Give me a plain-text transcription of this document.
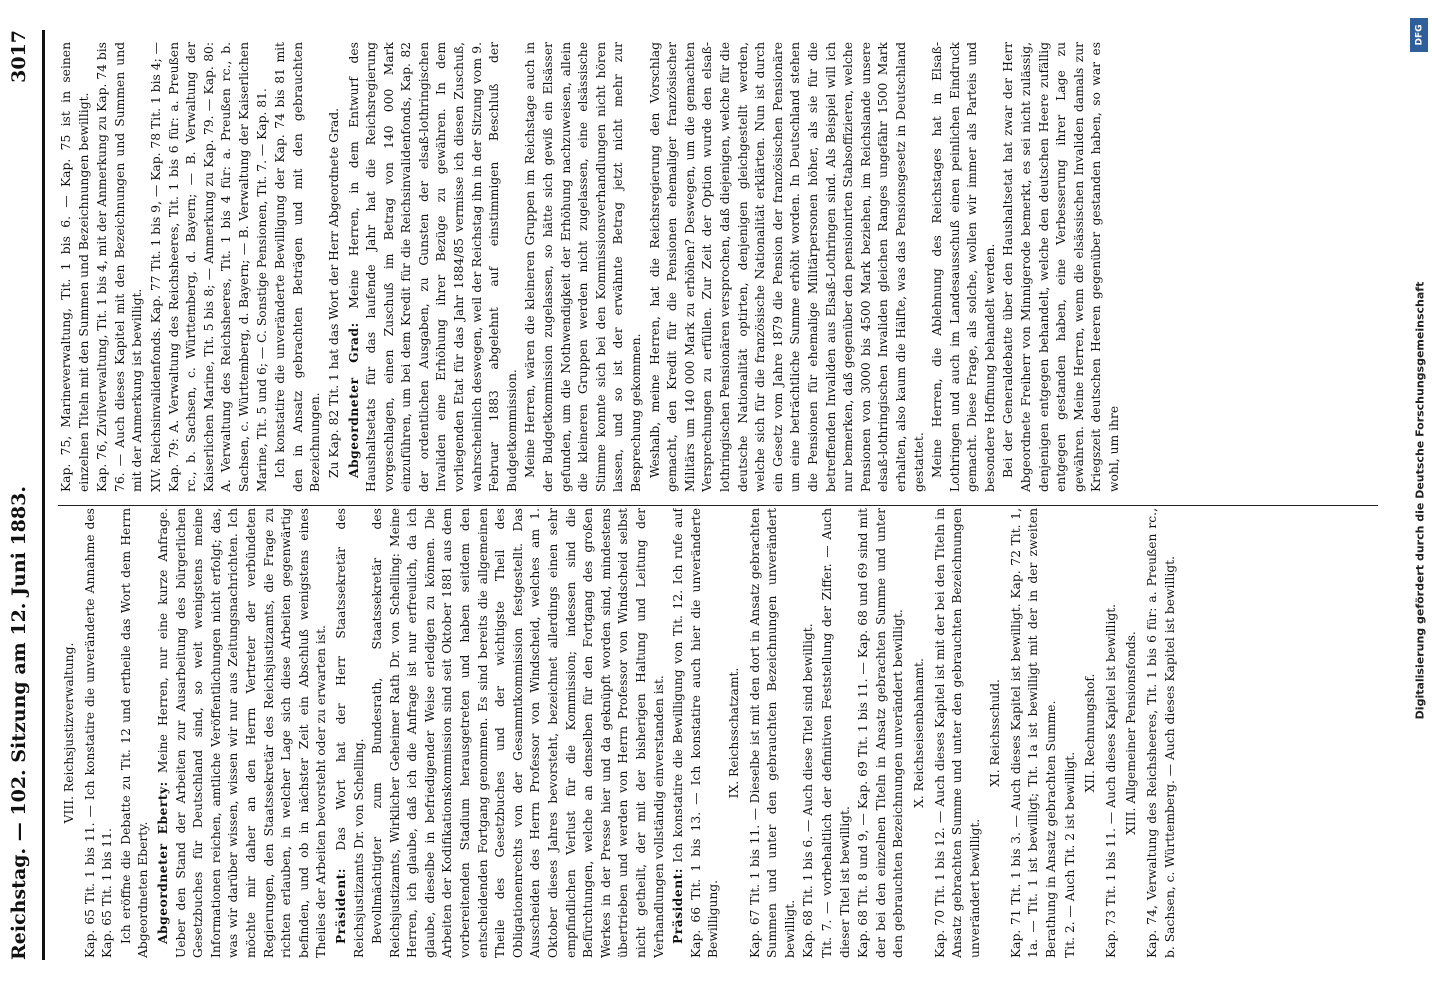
Reichstag. — 102. Sitzung am 12. Juni 1883.
3017

VIII. Reichsjustizverwaltung. Kap. 65 Tit. 1 bis 11. — Ich konstatire die unveränderte Annahme des Kap. 65 Tit. 1 bis 11. Ich eröffne die Debatte zu Tit. 12 und ertheile das Wort dem Herrn Abgeordneten Eberty. Abgeordneter Eberty: Meine Herren, nur eine kurze Anfrage. Ueber den Stand der Arbeiten zur Ausarbeitung des bürgerlichen Gesetzbuches für Deutschland sind, so weit wenigstens meine Informationen reichen, amtliche Veröffentlichungen nicht erfolgt; das, was wir darüber wissen, wissen wir nur aus Zeitungsnachrichten. Ich möchte mir daher an den Herrn Vertreter der verbündeten Regierungen, den Staatssekretär des Reichsjustizamts, die Frage zu richten erlauben, in welcher Lage sich diese Arbeiten gegenwärtig befinden, und ob in nächster Zeit ein Abschluß wenigstens eines Theiles der Arbeiten bevorsteht oder zu erwarten ist. Präsident: Das Wort hat der Herr Staatssekretär des Reichsjustizamts Dr. von Schelling. Bevollmächtigter zum Bundesrath, Staatssekretär des Reichsjustizamts, Wirklicher Geheimer Rath Dr. von Schelling: Meine Herren, ich glaube, daß ich die Anfrage ist nur erfreulich, da ich glaube, dieselbe in befriedigender Weise erledigen zu können. Die Arbeiten der Kodifikationskommission sind seit Oktober 1881 aus dem vorbereitenden Stadium herausgetreten und haben seitdem den entscheidenden Fortgang genommen. Es sind bereits die allgemeinen Theile des Gesetzbuches und der wichtigste Theil des Obligationenrechts von der Gesammtkommission festgestellt. Das Ausscheiden des Herrn Professor von Windscheid, welches am 1. Oktober dieses Jahres bevorsteht, bezeichnet allerdings einen sehr empfindlichen Verlust für die Kommission; indessen sind die Befürchtungen, welche an denselben für den Fortgang des großen Werkes in der Presse hier und da geknüpft worden sind, mindestens übertrieben und werden von Herrn Professor von Windscheid selbst nicht getheilt, der mit der bisherigen Haltung und Leitung der Verhandlungen vollständig einverstanden ist. Präsident: Ich konstatire die Bewilligung von Tit. 12. Ich rufe auf Kap. 66 Tit. 1 bis 13. — Ich konstatire auch hier die unveränderte Bewilligung.

IX. Reichsschatzamt. Kap. 67 Tit. 1 bis 11. — Dieselbe ist mit den dort in Ansatz gebrachten Summen und unter den gebrauchten Bezeichnungen unverändert bewilligt. Kap. 68 Tit. 1 bis 6. — Auch diese Titel sind bewilligt. Tit. 7. — vorbehaltlich der definitiven Feststellung der Ziffer. — Auch dieser Titel ist bewilligt. Kap. 68 Tit. 8 und 9, — Kap. 69 Tit. 1 bis 11. — Kap. 68 und 69 sind mit der bei den einzelnen Titeln in Ansatz gebrachten Summe und unter den gebrauchten Bezeichnungen unverändert bewilligt. X. Reichseisenbahnamt. Kap. 70 Tit. 1 bis 12. — Auch dieses Kapitel ist mit der bei den Titeln in Ansatz gebrachten Summe und unter den gebrauchten Bezeichnungen unverändert bewilligt.

XI. Reichsschuld. Kap. 71 Tit. 1 bis 3. — Auch dieses Kapitel ist bewilligt. Kap. 72 Tit. 1, 1a. — Tit. 1 ist bewilligt; Tit. 1a ist bewilligt mit der in der zweiten Berathung in Ansatz gebrachten Summe. Tit. 2. — Auch Tit. 2 ist bewilligt.

XII. Rechnungshof. Kap. 73 Tit. 1 bis 11. — Auch dieses Kapitel ist bewilligt. XIII. Allgemeiner Pensionsfonds. Kap. 74, Verwaltung des Reichsheeres, Tit. 1 bis 6 für: a. Preußen rc., b. Sachsen, c. Württemberg. — Auch dieses Kapitel ist bewilligt.

Kap. 75, Marineverwaltung, Tit. 1 bis 6. — Kap. 75 ist in seinen einzelnen Titeln mit den Summen und Bezeichnungen bewilligt. Kap. 76, Zivilverwaltung, Tit. 1 bis 4, mit der Anmerkung zu Kap. 74 bis 76. — Auch dieses Kapitel mit den Bezeichnungen und Summen und mit der Anmerkung ist bewilligt. XIV. Reichsinvalidenfonds. Kap. 77 Tit. 1 bis 9, — Kap. 78 Tit. 1 bis 4; — Kap. 79: A. Verwaltung des Reichsheeres, Tit. 1 bis 6 für: a. Preußen rc., b. Sachsen, c. Württemberg, d. Bayern; — B. Verwaltung der Kaiserlichen Marine, Tit. 5 bis 8; — Anmerkung zu Kap. 79. — Kap. 80: A. Verwaltung des Reichsheeres, Tit. 1 bis 4 für: a. Preußen rc., b. Sachsen, c. Württemberg, d. Bayern; — B. Verwaltung der Kaiserlichen Marine, Tit. 5 und 6; — C. Sonstige Pensionen, Tit. 7. — Kap. 81. Ich konstatire die unveränderte Bewilligung der Kap. 74 bis 81 mit den in Ansatz gebrachten Beträgen und mit den gebrauchten Bezeichnungen. Zu Kap. 82 Tit. 1 hat das Wort der Herr Abgeordnete Grad. Abgeordneter Grad: Meine Herren, in dem Entwurf des Haushaltsetats für das laufende Jahr hat die Reichsregierung vorgeschlagen, einen Zuschuß im Betrag von 140 000 Mark einzuführen, um bei dem Kredit für die Reichsinvalidenfonds, Kap. 82 der ordentlichen Ausgaben, zu Gunsten der elsaß-lothringischen Invaliden eine Erhöhung ihrer Bezüge zu gewähren. In dem vorliegenden Etat für das Jahr 1884/85 vermisse ich diesen Zuschuß, wahrscheinlich deswegen, weil der Reichstag ihn in der Sitzung vom 9. Februar 1883 abgelehnt auf einstimmigen Beschluß der Budgetkommission. Meine Herren, wären die kleineren Gruppen im Reichstage auch in der Budgetkommission zugelassen, so hätte sich gewiß ein Elsässer gefunden, um die Nothwendigkeit der Erhöhung nachzuweisen, allein die kleineren Gruppen werden nicht zugelassen, eine elsässische Stimme konnte sich bei den Kommissionsverhandlungen nicht hören lassen, und so ist der erwähnte Betrag jetzt nicht mehr zur Besprechung gekommen. Weshalb, meine Herren, hat die Reichsregierung den Vorschlag gemacht, den Kredit für die Pensionen ehemaliger französischer Militärs um 140 000 Mark zu erhöhen? Deswegen, um die gemachten Versprechungen zu erfüllen. Zur Zeit der Option wurde den elsaß-lothringischen Pensionären versprochen, daß diejenigen, welche für die deutsche Nationalität optirten, denjenigen gleichgestellt werden, welche sich für die französische Nationalität erklärten. Nun ist durch ein Gesetz vom Jahre 1879 die Pension der französischen Pensionäre um eine beträchtliche Summe erhöht worden. In Deutschland stehen die Pensionen für ehemalige Militärpersonen höher, als sie für die betreffenden Invaliden aus Elsaß-Lothringen sind. Als Beispiel will ich nur bemerken, daß gegenüber den pensionirten Stabsoffizieren, welche Pensionen von 3000 bis 4500 Mark beziehen, im Reichslande unsere elsaß-lothringischen Invaliden gleichen Ranges ungefähr 1500 Mark erhalten, also kaum die Hälfte, was das Pensionsgesetz in Deutschland gestattet. Meine Herren, die Ablehnung des Reichstages hat in Elsaß-Lothringen und auch im Landesausschuß einen peinlichen Eindruck gemacht. Diese Frage, als solche, wollen wir immer als Parteis und besondere Hoffnung behandelt werden. Bei der Generaldebatte über den Haushaltsetat hat zwar der Herr Abgeordnete Freiherr von Minnigerode bemerkt, es sei nicht zulässig, denjenigen entgegen behandelt, welche den deutschen Heere zufällig entgegen gestanden haben, eine Verbesserung ihrer Lage zu gewähren. Meine Herren, wenn die elsässischen Invaliden damals zur Kriegszeit deutschen Heeren gegenüber gestanden haben, so war es wohl, um ihre	Digitalisierung gefördert durch die Deutsche Forschungsgemeinschaft
DFG
